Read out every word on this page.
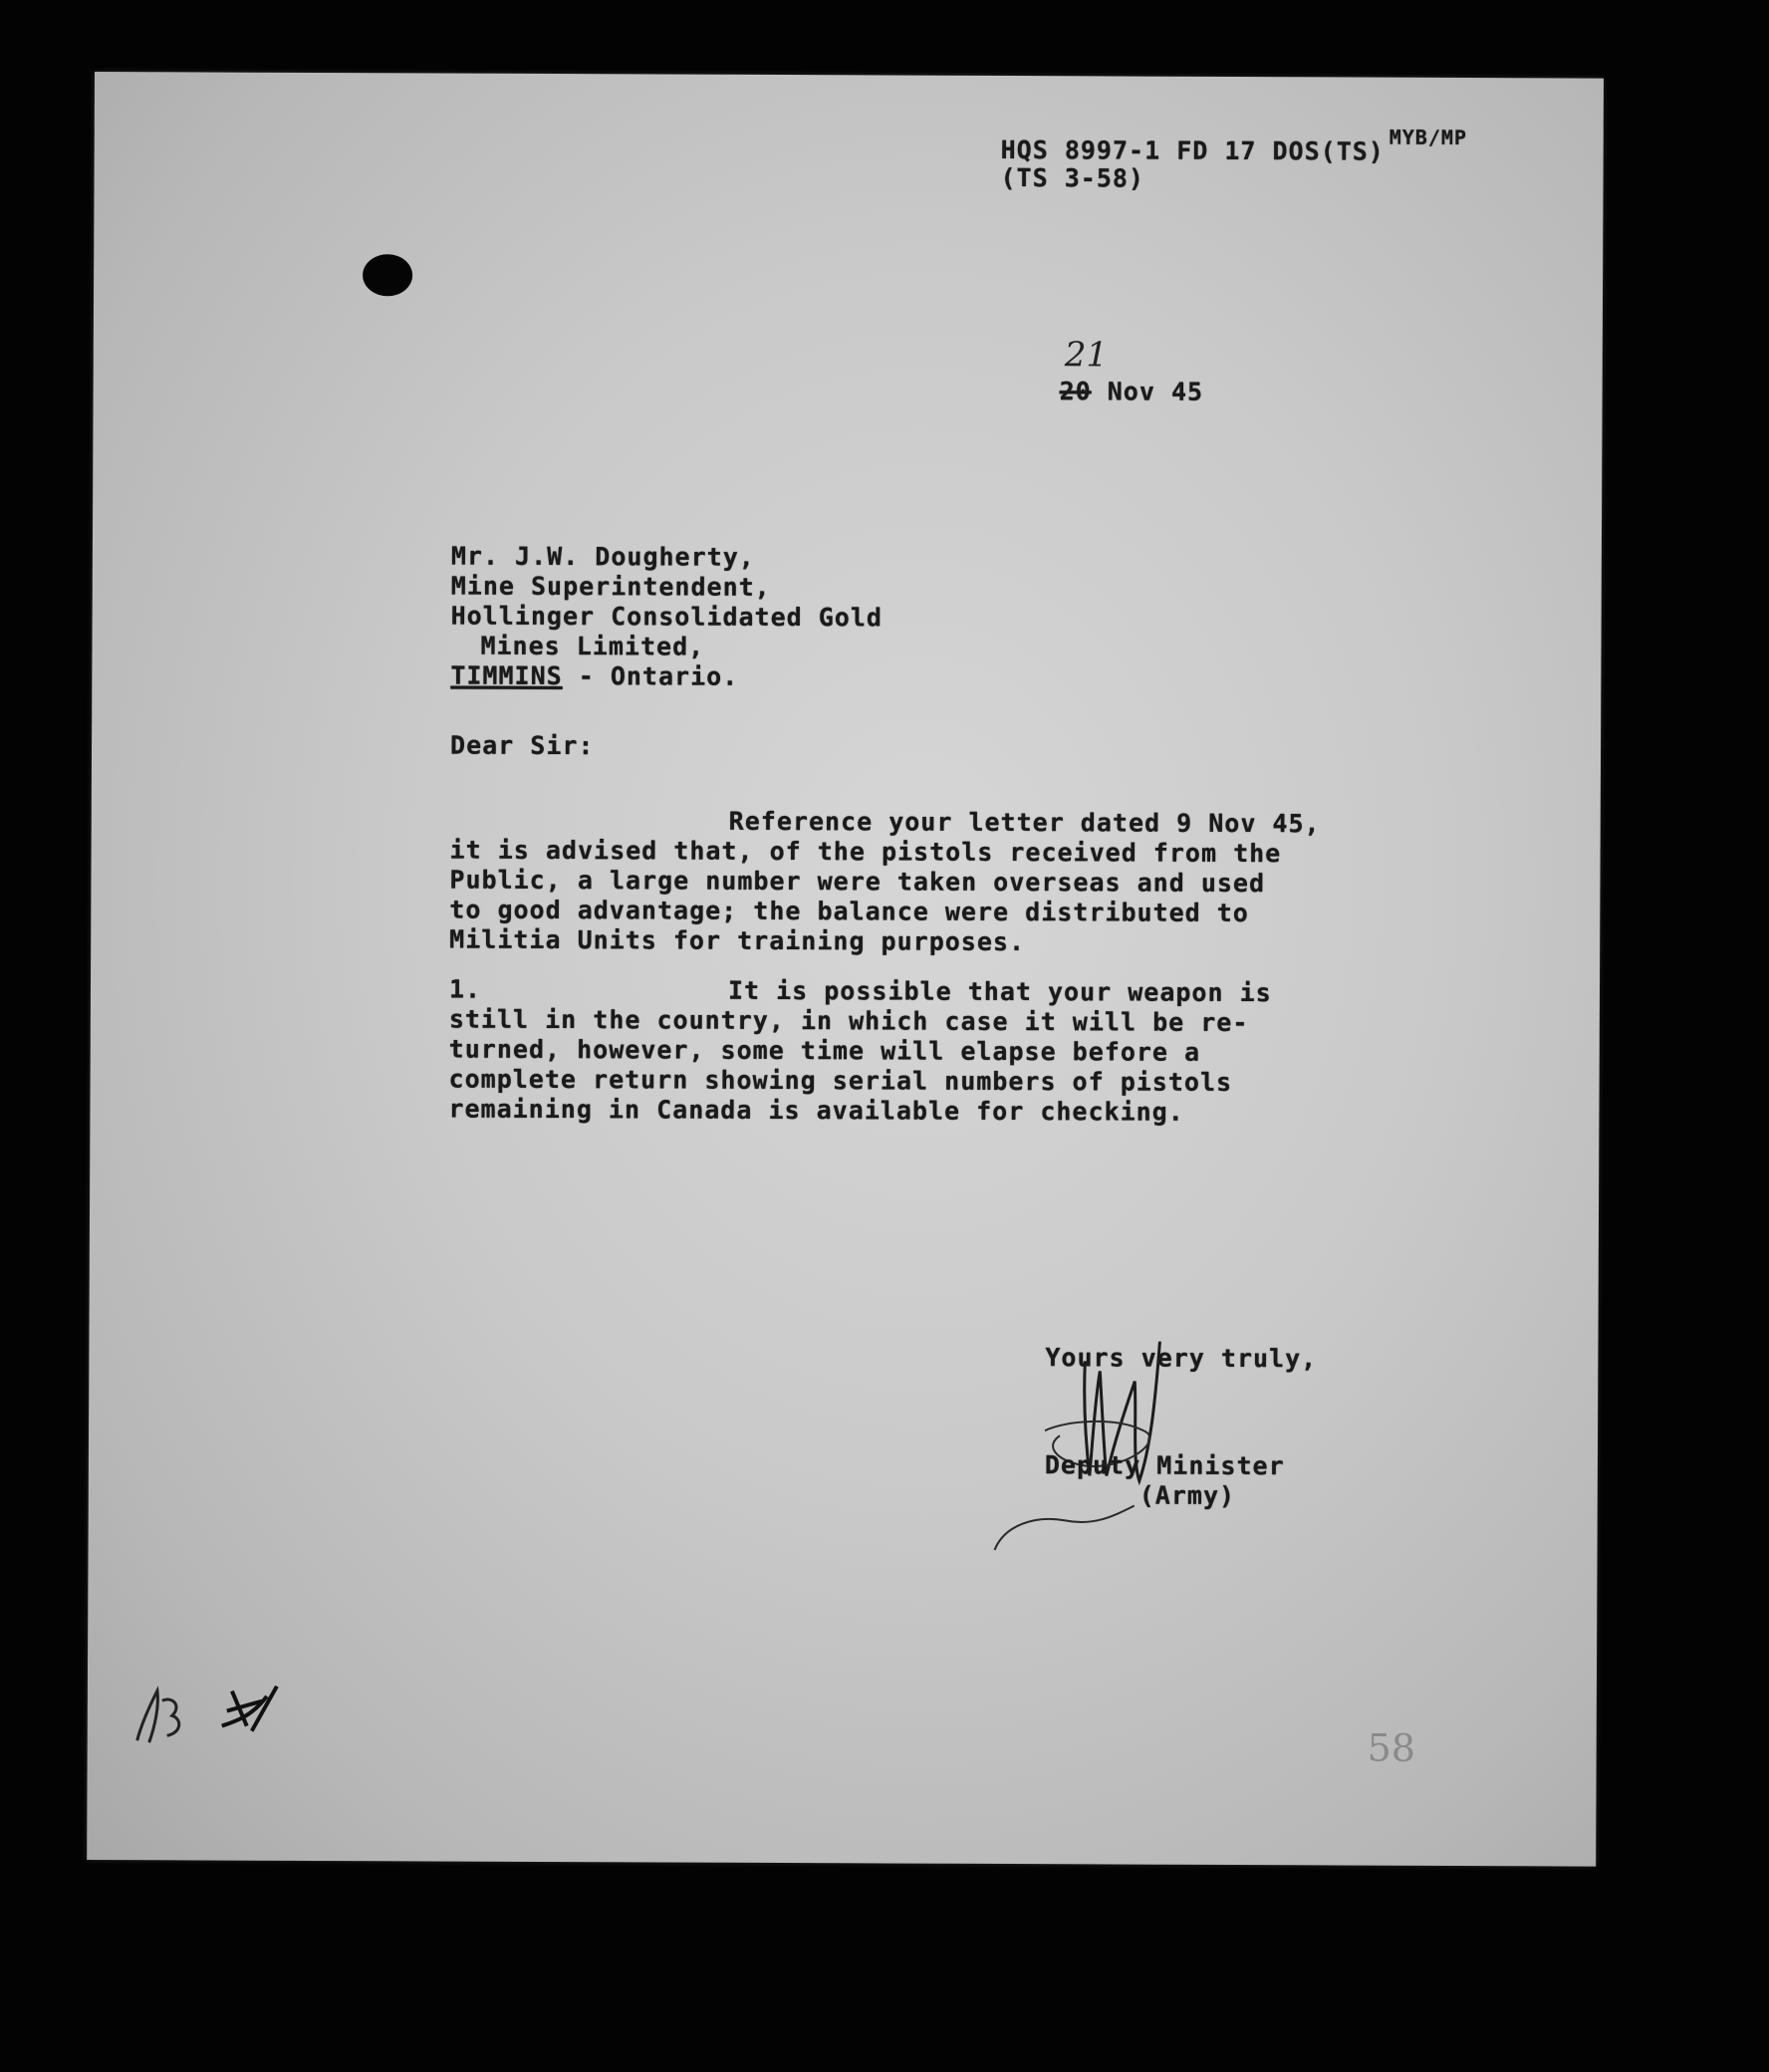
HQS 8997-1 FD 17 DOS(TS)
(TS 3-58)
MYB/MP
21
20 Nov 45
Mr. J.W. Dougherty,
Mine Superintendent,
Hollinger Consolidated Gold
Mines Limited,
TIMMINS - Ontario.
Dear Sir:
Reference your letter dated 9 Nov 45,
it is advised that, of the pistols received from the
Public, a large number were taken overseas and used
to good advantage; the balance were distributed to
Militia Units for training purposes.
1.	It is possible that your weapon is
still in the country, in which case it will be re-
turned, however, some time will elapse before a
complete return showing serial numbers of pistols
remaining in Canada is available for checking.
Yours very truly,
Deputy Minister
(Army)
58
